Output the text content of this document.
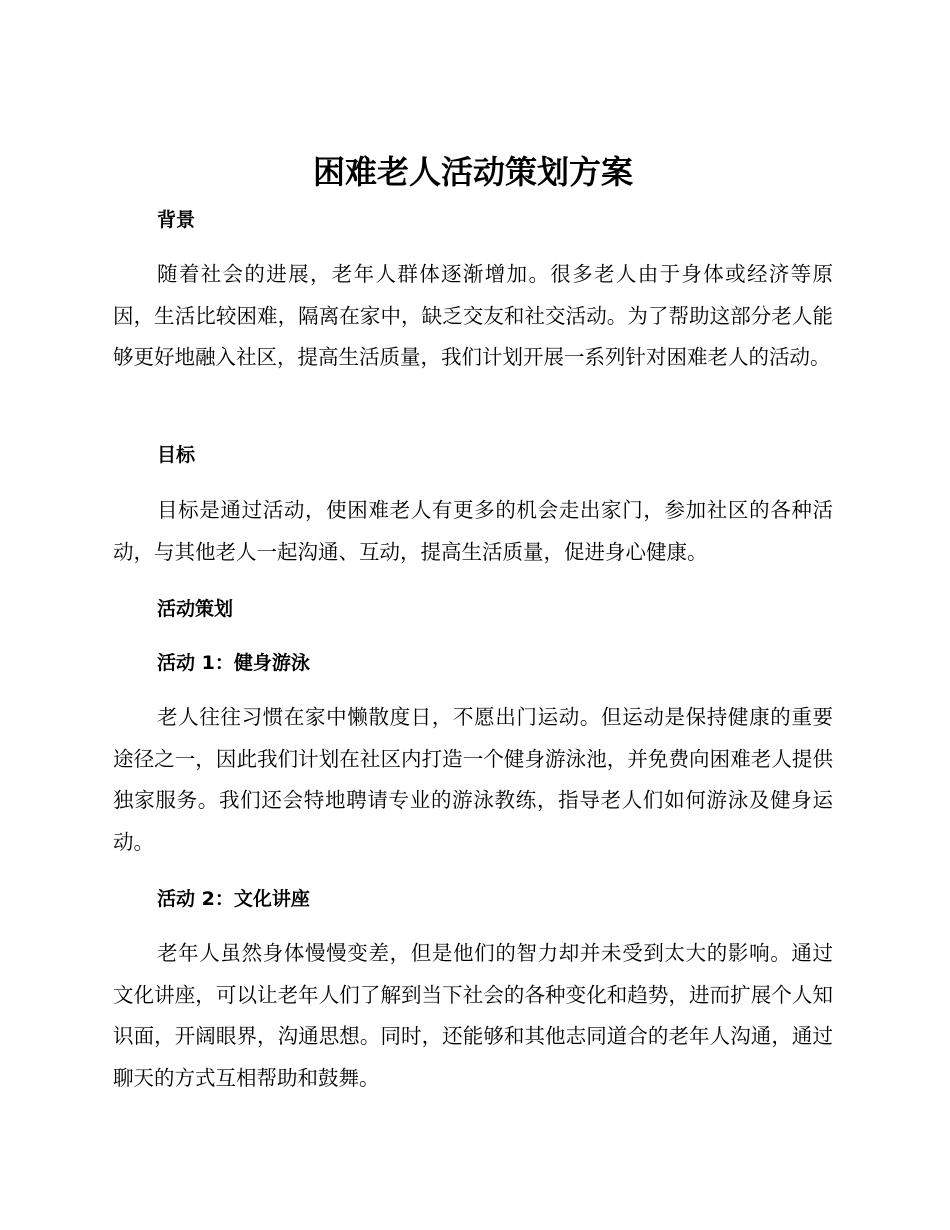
困难老人活动策划方案
背景

随着社会的进展，老年人群体逐渐增加。很多老人由于身体或经济等原因，生活比较困难，隔离在家中，缺乏交友和社交活动。为了帮助这部分老人能够更好地融入社区，提高生活质量，我们计划开展一系列针对困难老人的活动。

目标

目标是通过活动，使困难老人有更多的机会走出家门，参加社区的各种活动，与其他老人一起沟通、互动，提高生活质量，促进身心健康。

活动策划
活动 1：健身游泳

老人往往习惯在家中懒散度日，不愿出门运动。但运动是保持健康的重要途径之一，因此我们计划在社区内打造一个健身游泳池，并免费向困难老人提供独家服务。我们还会特地聘请专业的游泳教练，指导老人们如何游泳及健身运动。

活动 2：文化讲座

老年人虽然身体慢慢变差，但是他们的智力却并未受到太大的影响。通过文化讲座，可以让老年人们了解到当下社会的各种变化和趋势，进而扩展个人知识面，开阔眼界，沟通思想。同时，还能够和其他志同道合的老年人沟通，通过聊天的方式互相帮助和鼓舞。
